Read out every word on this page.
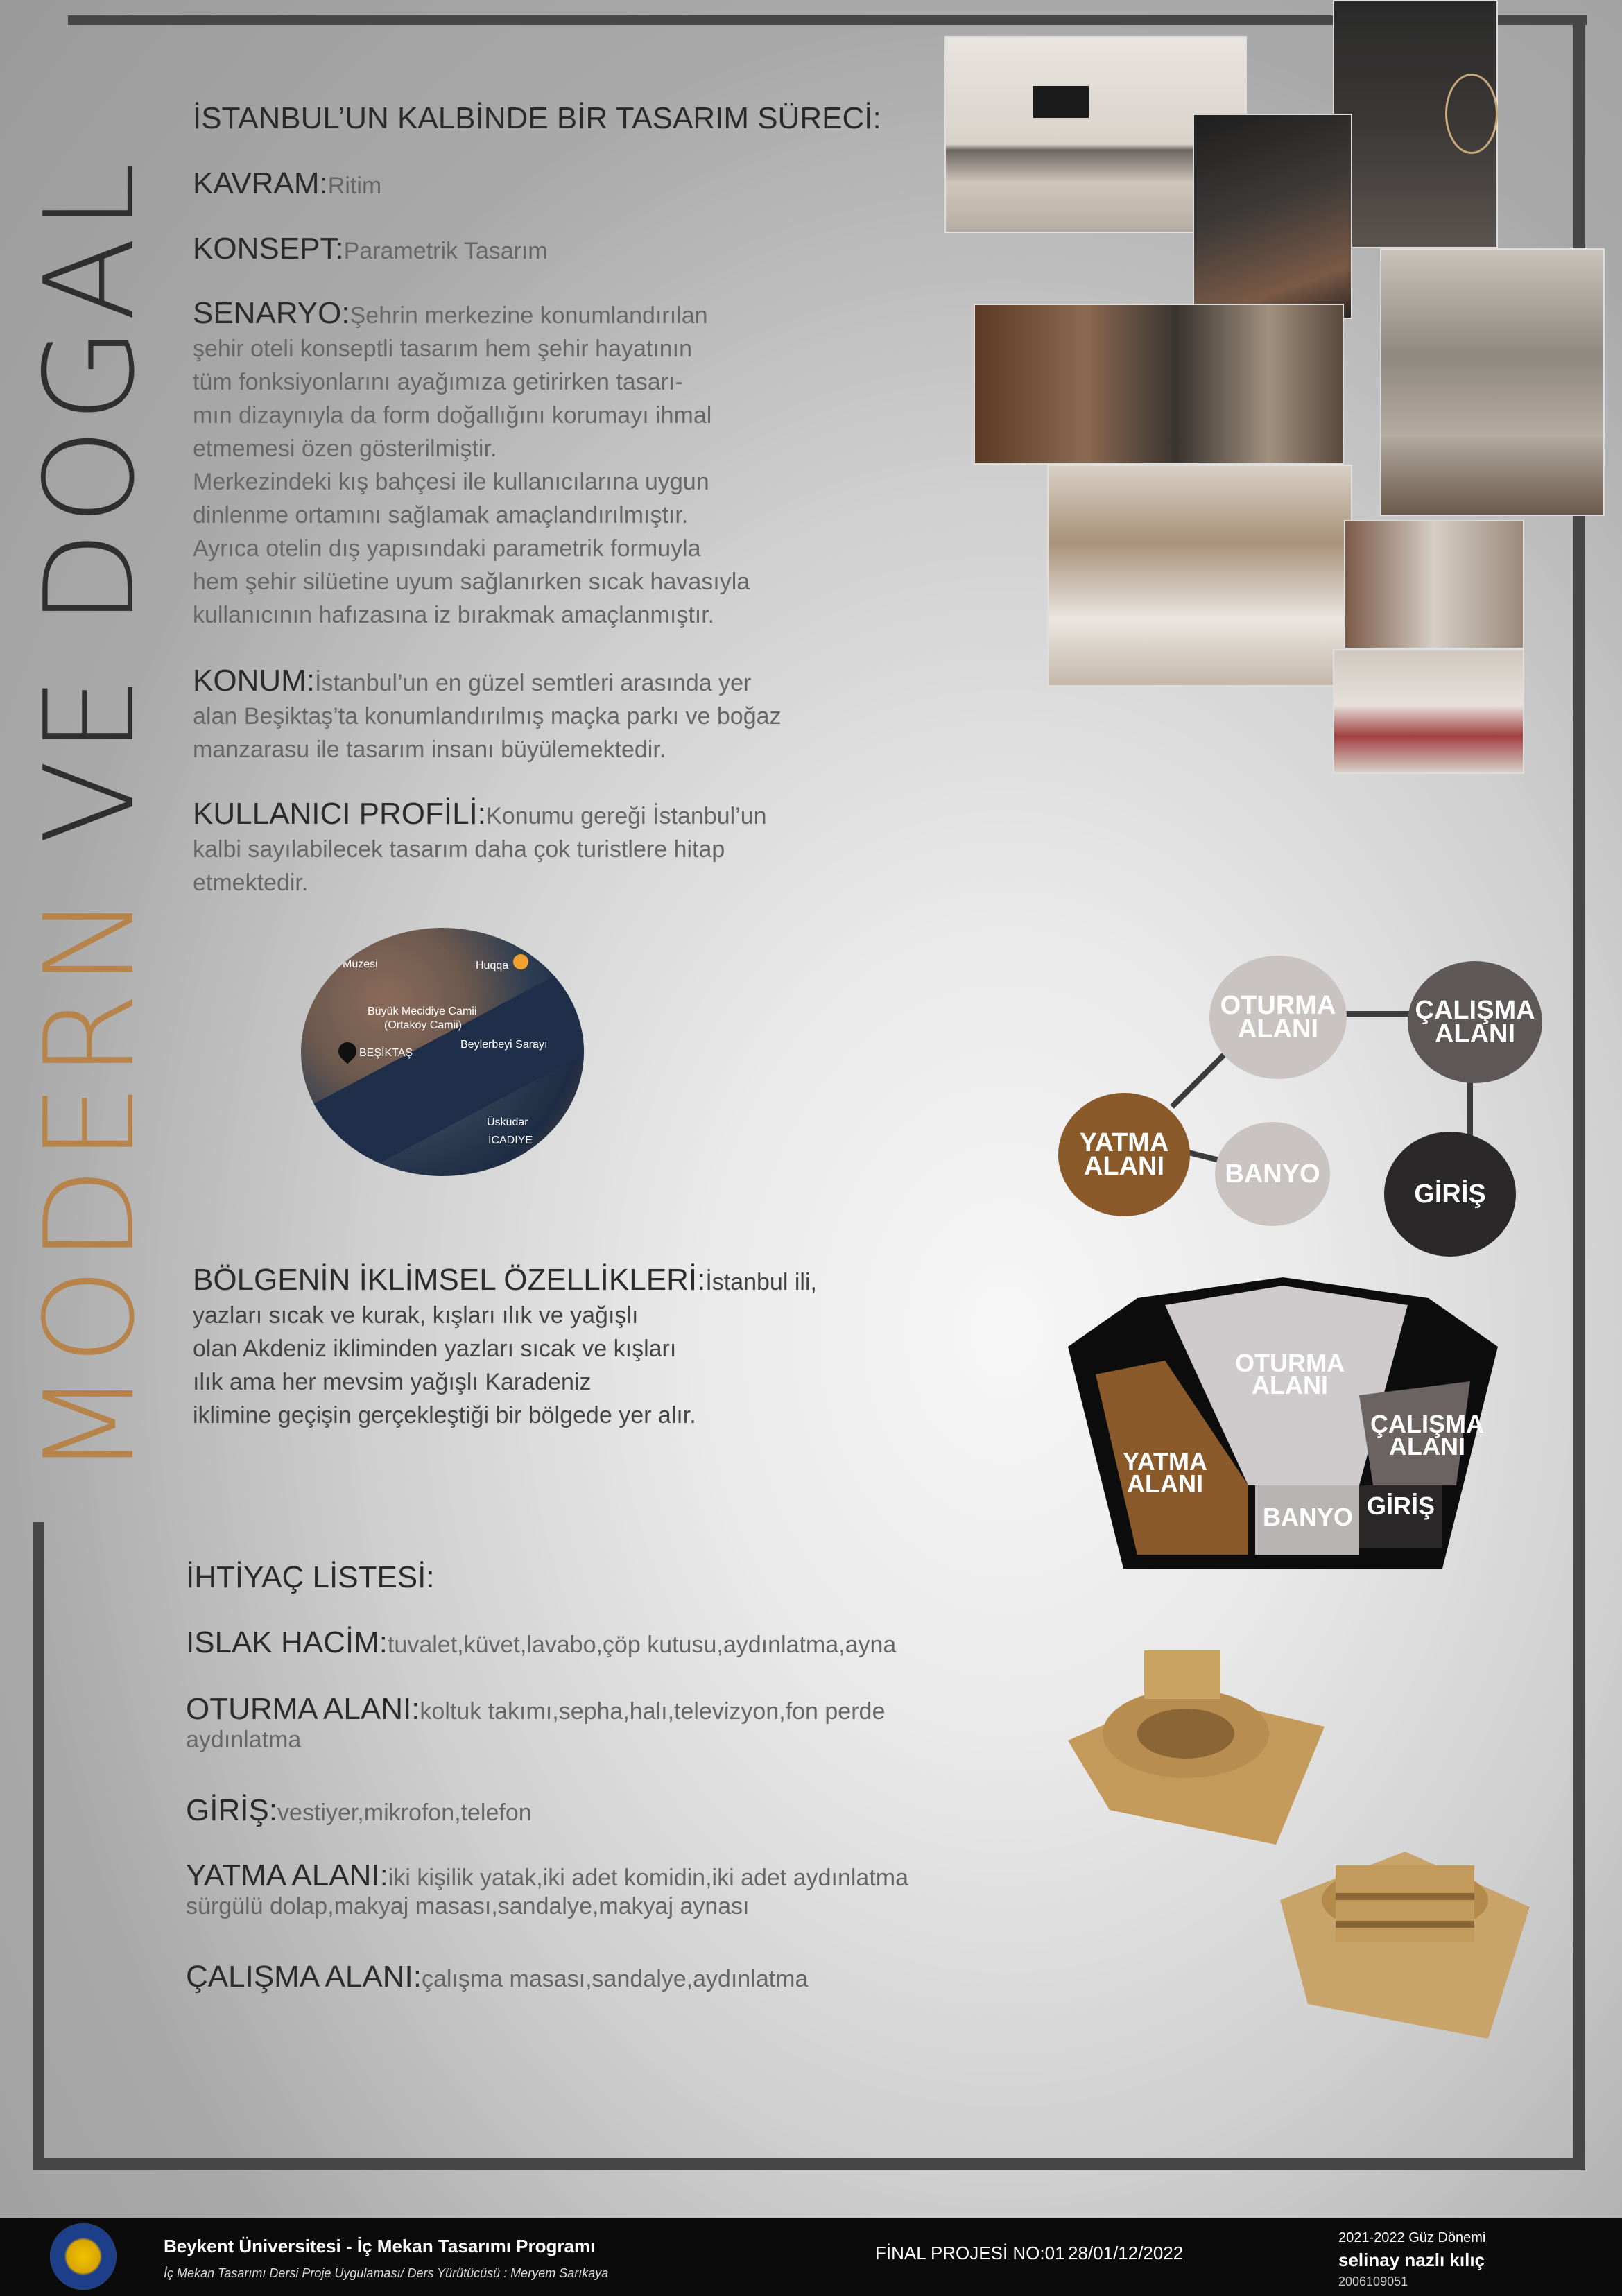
MODERN VE DOGAL
İSTANBUL’UN KALBİNDE BİR TASARIM SÜRECİ:
KAVRAM:Ritim
KONSEPT:Parametrik Tasarım
SENARYO:Şehrin merkezine konumlandırılan
şehir oteli konseptli tasarım hem şehir hayatının
tüm fonksiyonlarını ayağımıza getirirken tasarı-
mın dizaynıyla da form doğallığını korumayı ihmal
etmemesi özen gösterilmiştir.
Merkezindeki kış bahçesi ile kullanıcılarına uygun
dinlenme ortamını sağlamak amaçlandırılmıştır.
Ayrıca otelin dış yapısındaki parametrik formuyla
hem şehir silüetine uyum sağlanırken sıcak havasıyla
kullanıcının hafızasına iz bırakmak amaçlanmıştır.
KONUM:İstanbul’un en güzel semtleri arasında yer
alan Beşiktaş’ta konumlandırılmış maçka parkı ve boğaz
manzarasu ile tasarım insanı büyülemektedir.
KULLANICI PROFİLİ:Konumu gereği İstanbul’un
kalbi sayılabilecek tasarım daha çok turistlere hitap
etmektedir.
Müzesi	Huqqa
Büyük Mecidiye Camii
(Ortaköy Camii)
BEŞİKTAŞ
Beylerbeyi Sarayı
Üsküdar
İCADIYE
BÖLGENİN İKLİMSEL ÖZELLİKLERİ:İstanbul ili,
yazları sıcak ve kurak, kışları ılık ve yağışlı
olan Akdeniz ikliminden yazları sıcak ve kışları
ılık ama her mevsim yağışlı Karadeniz
iklimine geçişin gerçekleştiği bir bölgede yer alır.
İHTİYAÇ LİSTESİ:
ISLAK HACİM:tuvalet,küvet,lavabo,çöp kutusu,aydınlatma,ayna
OTURMA ALANI:koltuk takımı,sepha,halı,televizyon,fon perde
aydınlatma
GİRİŞ:vestiyer,mikrofon,telefon
YATMA ALANI:iki kişilik yatak,iki adet komidin,iki adet aydınlatma
sürgülü dolap,makyaj masası,sandalye,makyaj aynası
ÇALIŞMA ALANI:çalışma masası,sandalye,aydınlatma
OTURMA ALANI
ÇALIŞMA ALANI
YATMA ALANI	BANYO
GİRİŞ
OTURMA ALANI
ÇALIŞMA ALANI
YATMA ALANI
BANYO GİRİŞ
Beykent Üniversitesi - İç Mekan Tasarımı Programı
İç Mekan Tasarımı Dersi Proje Uygulaması/ Ders Yürütücüsü : Meryem Sarıkaya
FİNAL PROJESİ NO:01 28/01/12/2022
2021-2022 Güz Dönemi
selinay nazlı kılıç
2006109051
